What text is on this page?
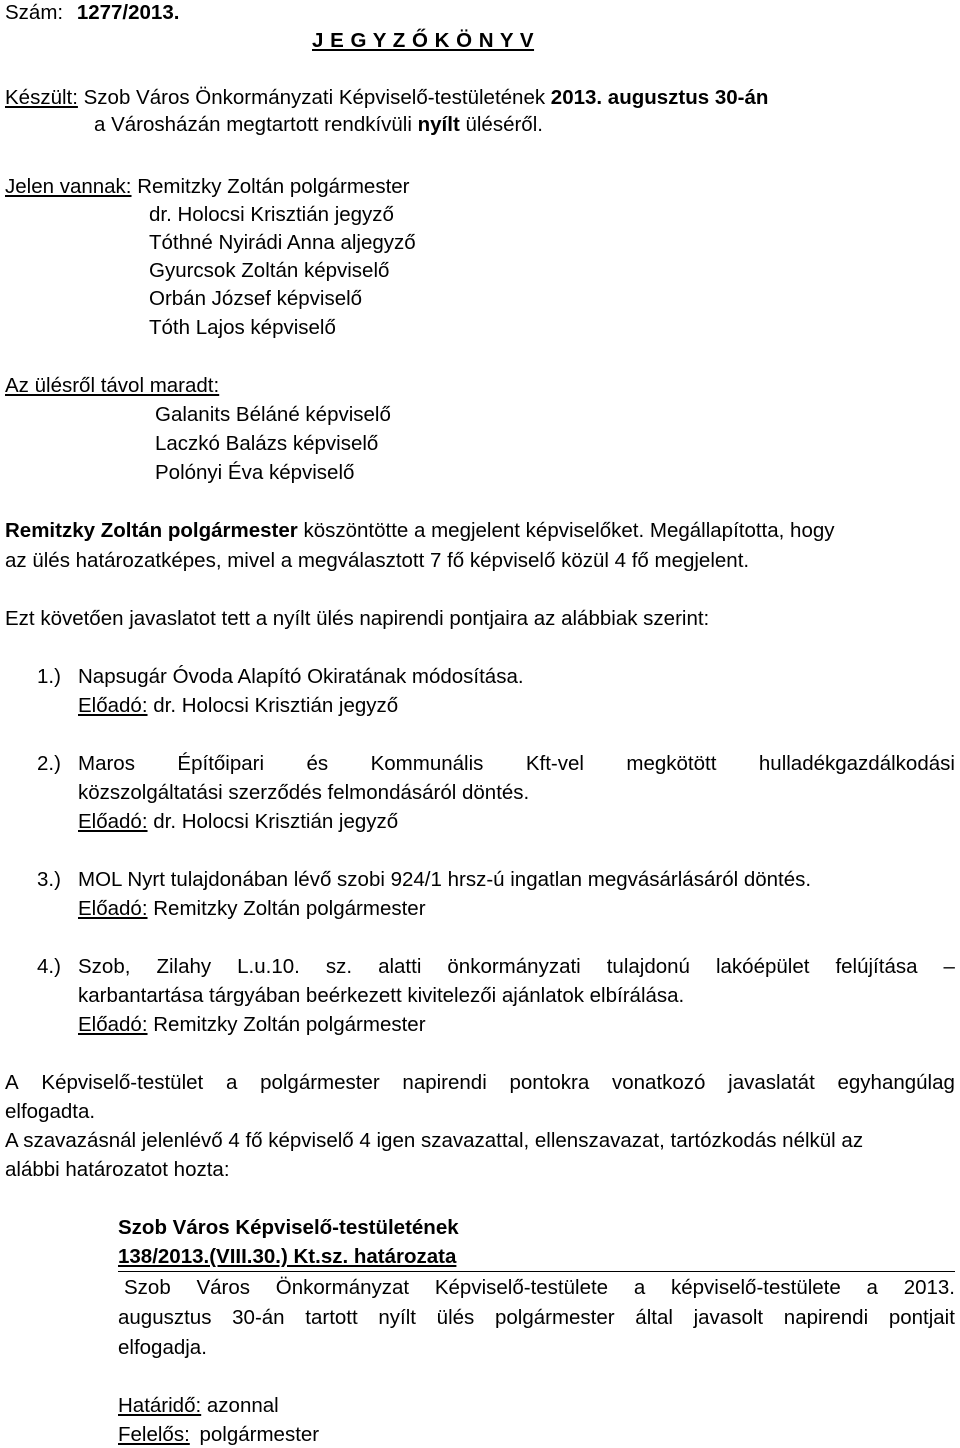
Szám: 1277/2013.
J E G Y Z Ő K Ö N Y V
Készült: Szob Város Önkormányzati Képviselő-testületének 2013. augusztus 30-án
a Városházán megtartott rendkívüli nyílt üléséről.
Jelen vannak: Remitzky Zoltán polgármester
dr. Holocsi Krisztián jegyző
Tóthné Nyirádi Anna aljegyző
Gyurcsok Zoltán képviselő
Orbán József képviselő
Tóth Lajos képviselő
Az ülésről távol maradt:
Galanits Béláné képviselő
Laczkó Balázs képviselő
Polónyi Éva képviselő
Remitzky Zoltán polgármester köszöntötte a megjelent képviselőket. Megállapította, hogy
az ülés határozatképes, mivel a megválasztott 7 fő képviselő közül 4 fő megjelent.
Ezt követően javaslatot tett a nyílt ülés napirendi pontjaira az alábbiak szerint:
1.) Napsugár Óvoda Alapító Okiratának módosítása.
Előadó: dr. Holocsi Krisztián jegyző
2.) Maros Építőipari és Kommunális Kft-vel megkötött hulladékgazdálkodási
közszolgáltatási szerződés felmondásáról döntés.
Előadó: dr. Holocsi Krisztián jegyző
3.) MOL Nyrt tulajdonában lévő szobi 924/1 hrsz-ú ingatlan megvásárlásáról döntés.
Előadó: Remitzky Zoltán polgármester
4.) Szob, Zilahy L.u.10. sz. alatti önkormányzati tulajdonú lakóépület felújítása –
karbantartása tárgyában beérkezett kivitelezői ajánlatok elbírálása.
Előadó: Remitzky Zoltán polgármester
A Képviselő-testület a polgármester napirendi pontokra vonatkozó javaslatát egyhangúlag
elfogadta.
A szavazásnál jelenlévő 4 fő képviselő 4 igen szavazattal, ellenszavazat, tartózkodás nélkül az
alábbi határozatot hozta:
Szob Város Képviselő-testületének
138/2013.(VIII.30.) Kt.sz. határozata
Szob Város Önkormányzat Képviselő-testülete a képviselő-testülete a 2013.
augusztus 30-án tartott nyílt ülés polgármester által javasolt napirendi pontjait
elfogadja.
Határidő: azonnal
Felelős: polgármester
